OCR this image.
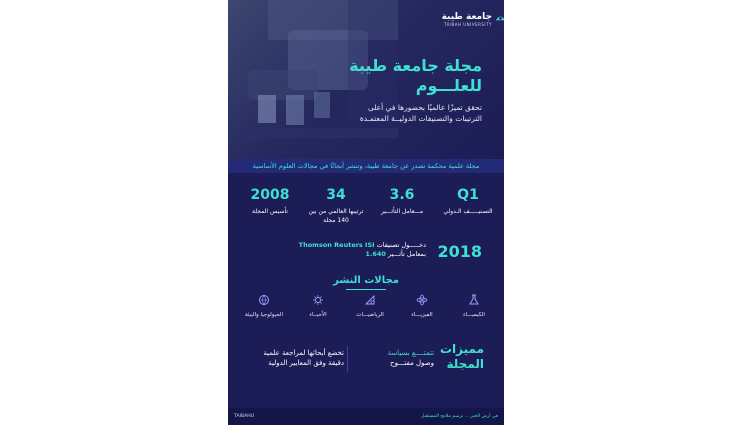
جامعة طيبة
TAIBAH UNIVERSITY
مجلة جامعة طيبة
للعلـــوم
تحقق تميزًا عالميًا بحضورها في أعلى الترتيبات والتصنيفات الدوليــة المعتمـدة
مجلة علمية محكمة تصدر عن جامعة طيبة، وتنشر أبحاثًا في مجالات العلوم الأساسية
Q1
التصنيـــــف الـدولي
3.6
مـــعامل التأثـــير
34
ترتيبها العالمي من بين 140 مجلة
2008
تأسيس المجلة
2018
دخـــــول تصنيفات Thomson Reuters ISI
بمعامل تأثـــير 1.640
مجالات النشر
الكيميـــاء
الفيزيـــاء
الرياضيـــات
الأحيــاء
الجيولوجيا والبيئة
مميزات
المجلة
تتمتــــع بسياسة
وصول مفتـــوح
تخضع أبحاثها لمراجعة علمية
دقيقة وفق المعايير الدولية
في ارض الخير ... نرسم ملامح المستقبل
TAIBAHU
